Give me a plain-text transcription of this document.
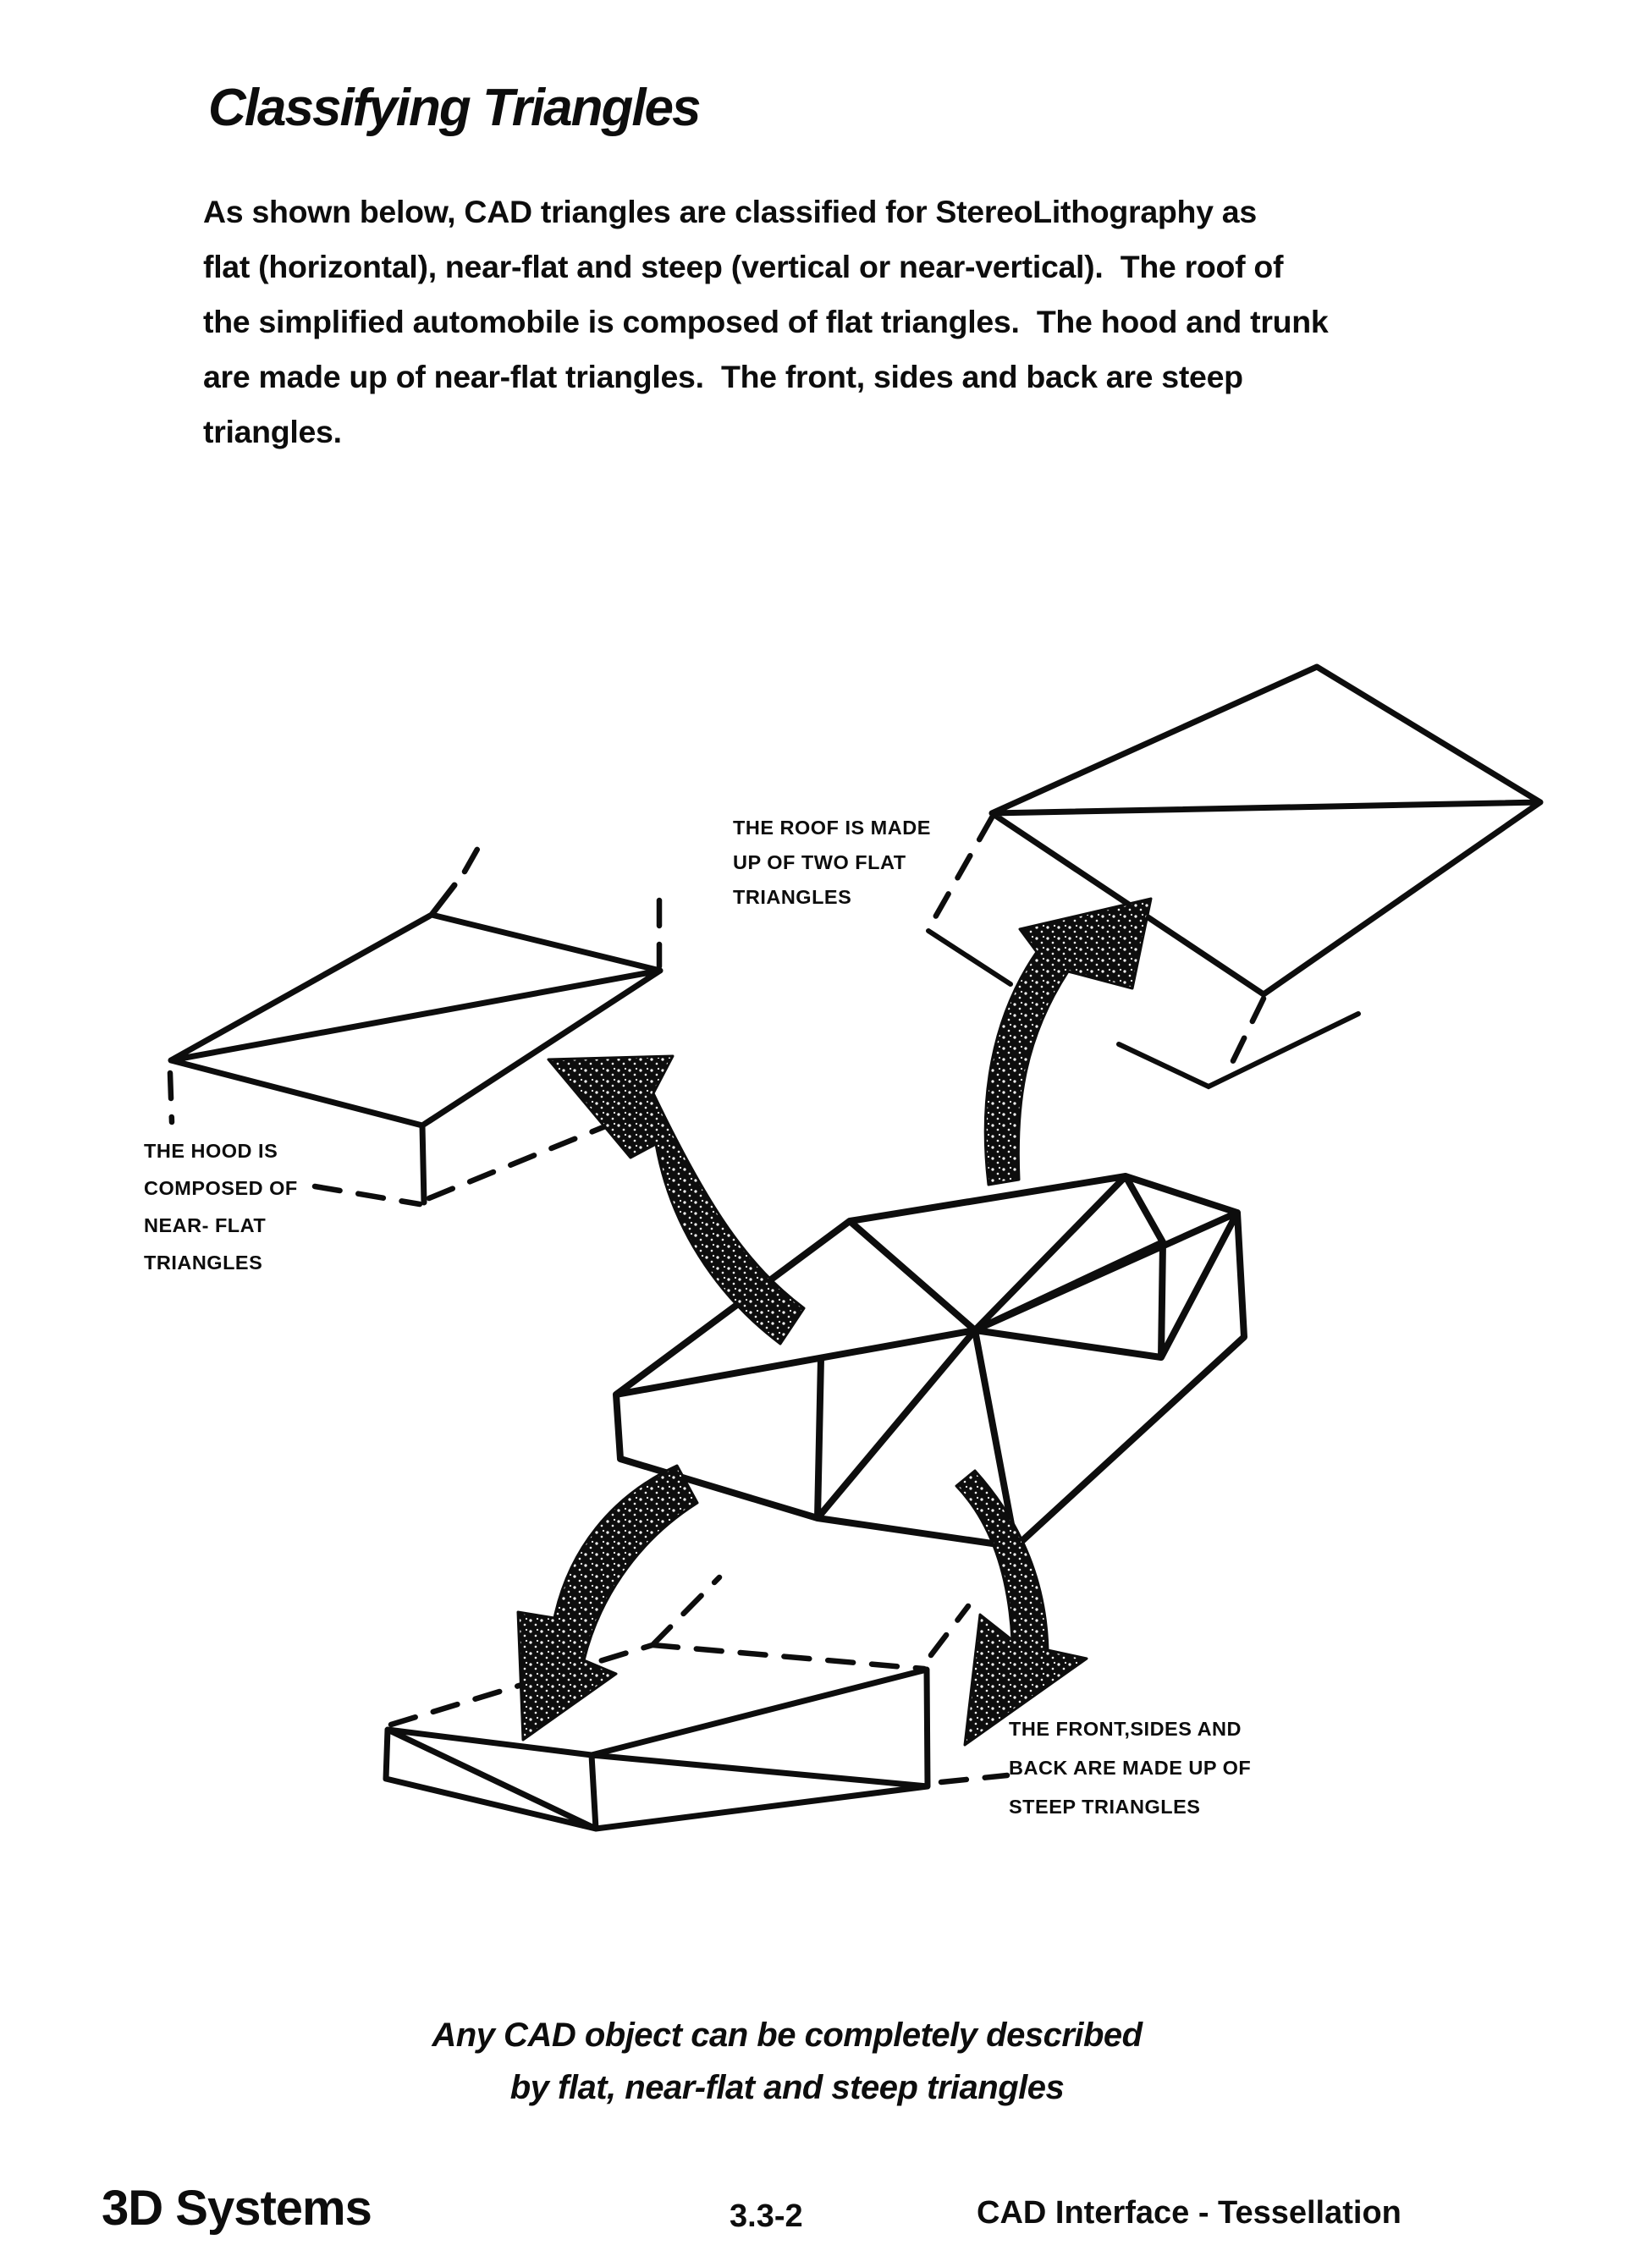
Classifying Triangles
As shown below, CAD triangles are classified for StereoLithography as
flat (horizontal), near-flat and steep (vertical or near-vertical).  The roof of
the simplified automobile is composed of flat triangles.  The hood and trunk
are made up of near-flat triangles.  The front, sides and back are steep
triangles.
THE ROOF IS MADE
UP OF TWO FLAT
TRIANGLES
THE HOOD IS
COMPOSED OF
NEAR- FLAT
TRIANGLES
THE FRONT,SIDES AND
BACK ARE MADE UP OF
STEEP TRIANGLES
Any CAD object can be completely described
by flat, near-flat and steep triangles
3D Systems	3.3-2	CAD Interface - Tessellation
